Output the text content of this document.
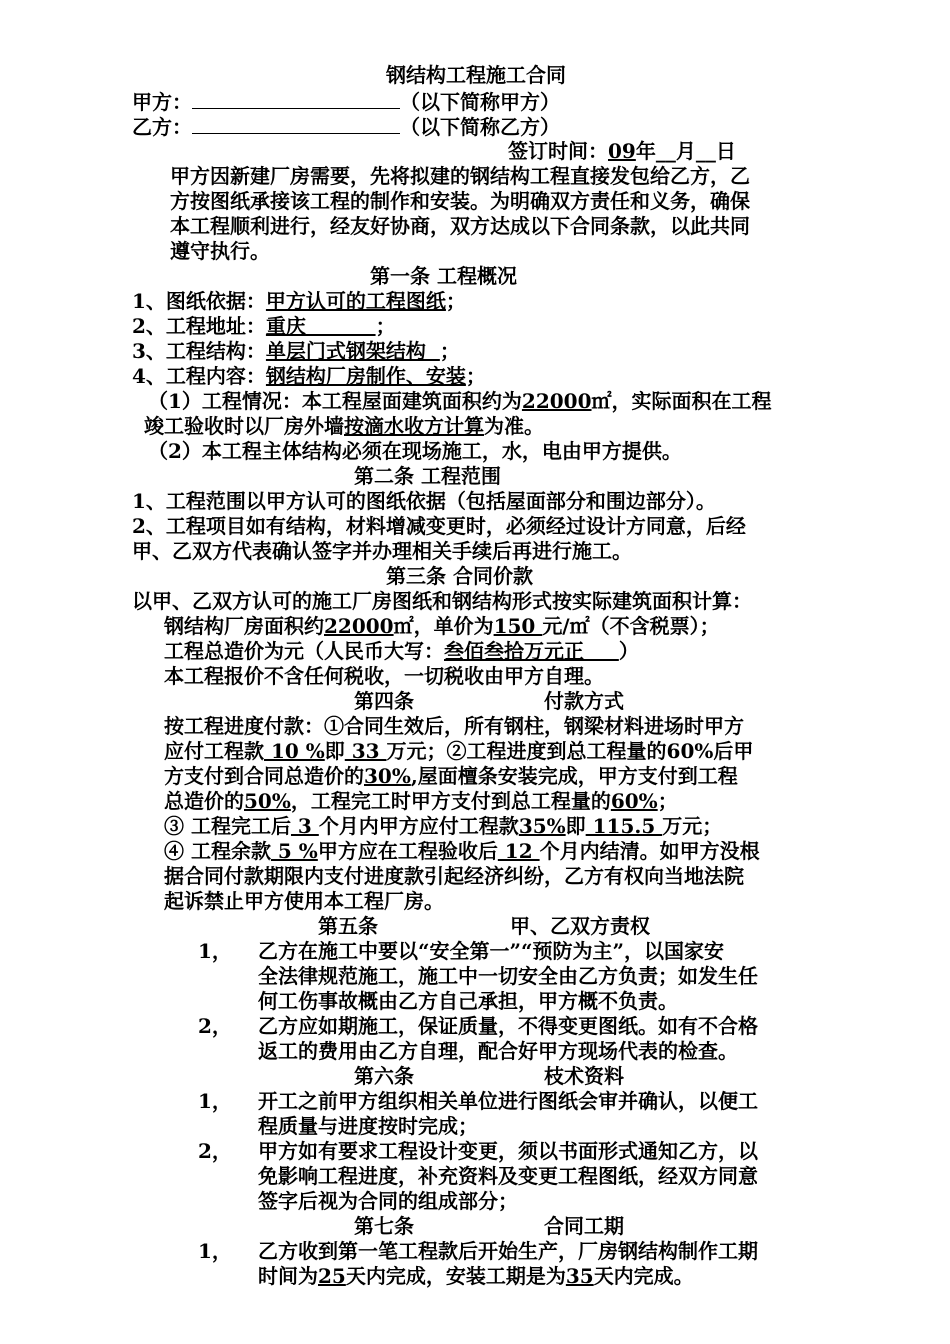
钢结构工程施工合同
甲方：	（以下简称甲方）
乙方：	（以下简称乙方）
签订时间：09年__月__日
甲方因新建厂房需要，先将拟建的钢结构工程直接发包给乙方，乙
方按图纸承接该工程的制作和安装。为明确双方责任和义务，确保
本工程顺利进行，经友好协商，双方达成以下合同条款，以此共同
遵守执行。
第一条 工程概况
1、图纸依据：甲方认可的工程图纸；
2、工程地址：重庆          ；
3、工程结构：单层门式钢架结构  ；
4、工程内容：钢结构厂房制作、安装；
（1）工程情况：本工程屋面建筑面积约为22000㎡，实际面积在工程
竣工验收时以厂房外墙按滴水收方计算为准。
（2）本工程主体结构必须在现场施工，水，电由甲方提供。
第二条 工程范围
1、工程范围以甲方认可的图纸依据（包括屋面部分和围边部分）。
2、工程项目如有结构，材料增减变更时，必须经过设计方同意，后经
甲、乙双方代表确认签字并办理相关手续后再进行施工。
第三条 合同价款
以甲、乙双方认可的施工厂房图纸和钢结构形式按实际建筑面积计算：
钢结构厂房面积约22000㎡，单价为150 元/㎡（不含税票）；
工程总造价为元（人民币大写：叁佰叁拾万元正     ）
本工程报价不含任何税收，一切税收由甲方自理。
第四条	付款方式
按工程进度付款：①合同生效后，所有钢柱，钢梁材料进场时甲方
应付工程款 10 %即 33 万元；②工程进度到总工程量的60%后甲
方支付到合同总造价的30%,屋面檀条安装完成，甲方支付到工程
总造价的50%，工程完工时甲方支付到总工程量的60%；
③ 工程完工后 3 个月内甲方应付工程款35%即 115.5 万元；
④ 工程余款 5 %甲方应在工程验收后 12 个月内结清。如甲方没根
据合同付款期限内支付进度款引起经济纠纷，乙方有权向当地法院
起诉禁止甲方使用本工程厂房。
第五条	甲、乙双方责权
1， 乙方在施工中要以“安全第一”“预防为主”，以国家安
全法律规范施工，施工中一切安全由乙方负责；如发生任
何工伤事故概由乙方自己承担，甲方概不负责。
2， 乙方应如期施工，保证质量，不得变更图纸。如有不合格
返工的费用由乙方自理，配合好甲方现场代表的检查。
第六条	枝术资料
1， 开工之前甲方组织相关单位进行图纸会审并确认，以便工
程质量与进度按时完成；
2， 甲方如有要求工程设计变更，须以书面形式通知乙方，以
免影响工程进度，补充资料及变更工程图纸，经双方同意
签字后视为合同的组成部分；
第七条	合同工期
1， 乙方收到第一笔工程款后开始生产，厂房钢结构制作工期
时间为25天内完成，安装工期是为35天内完成。
